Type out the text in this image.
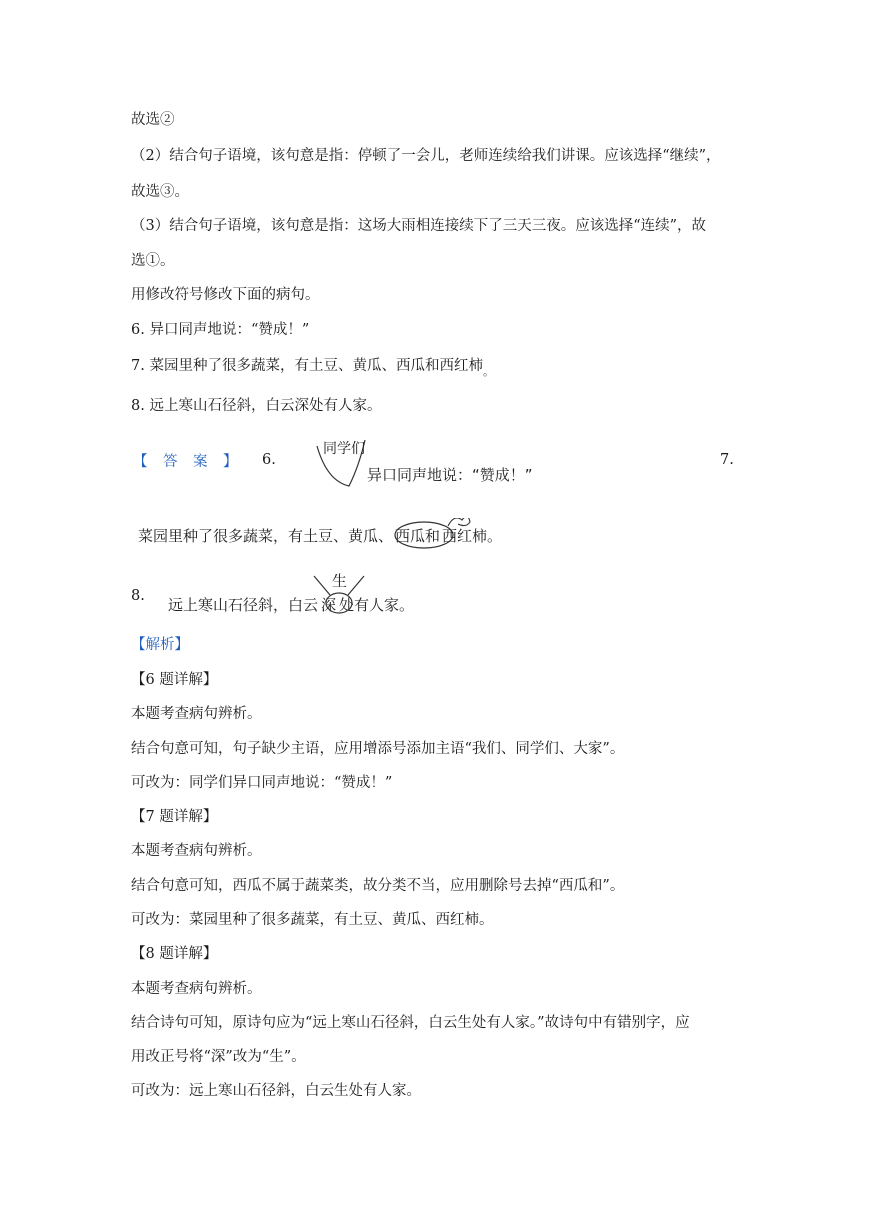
故选②
（2）结合句子语境，该句意是指：停顿了一会儿，老师连续给我们讲课。应该选择“继续”，
故选③。
（3）结合句子语境，该句意是指：这场大雨相连接续下了三天三夜。应该选择“连续”，故
选①。
用修改符号修改下面的病句。
6. 异口同声地说：“赞成！”
7. 菜园里种了很多蔬菜，有土豆、黄瓜、西瓜和西红柿$_。$
8. 远上寒山石径斜，白云深处有人家。
【　答　案　】 6.	7.
同学们
异口同声地说：“赞成！”
菜园里种了很多蔬菜，有土豆、黄瓜、 西瓜和 西红柿。
8. 远上寒山石径斜，白云 深 处有人家。
生
【解析】
【6 题详解】
本题考查病句辨析。
结合句意可知，句子缺少主语，应用增添号添加主语“我们、同学们、大家”。
可改为：同学们异口同声地说：“赞成！”
【7 题详解】
本题考查病句辨析。
结合句意可知，西瓜不属于蔬菜类，故分类不当，应用删除号去掉“西瓜和”。
可改为：菜园里种了很多蔬菜，有土豆、黄瓜、西红柿。
【8 题详解】
本题考查病句辨析。
结合诗句可知，原诗句应为“远上寒山石径斜，白云生处有人家。”故诗句中有错别字，应
用改正号将“深”改为“生”。
可改为：远上寒山石径斜，白云生处有人家。
